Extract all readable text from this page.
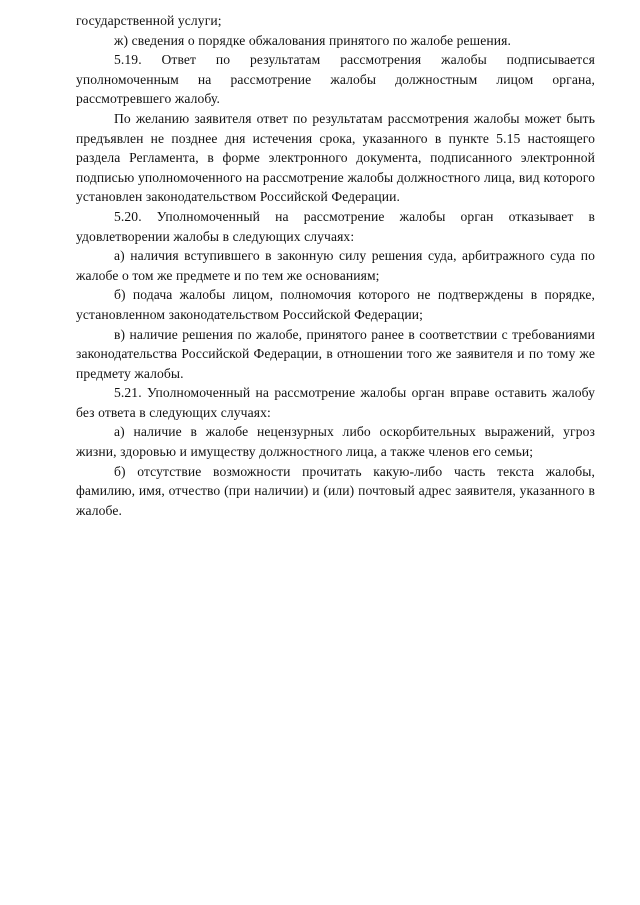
государственной услуги;

ж) сведения о порядке обжалования принятого по жалобе решения.

5.19. Ответ по результатам рассмотрения жалобы подписывается уполномоченным на рассмотрение жалобы должностным лицом органа, рассмотревшего жалобу.

По желанию заявителя ответ по результатам рассмотрения жалобы может быть предъявлен не позднее дня истечения срока, указанного в пункте 5.15 настоящего раздела Регламента, в форме электронного документа, подписанного электронной подписью уполномоченного на рассмотрение жалобы должностного лица, вид которого установлен законодательством Российской Федерации.

5.20. Уполномоченный на рассмотрение жалобы орган отказывает в удовлетворении жалобы в следующих случаях:

а) наличия вступившего в законную силу решения суда, арбитражного суда по жалобе о том же предмете и по тем же основаниям;

б) подача жалобы лицом, полномочия которого не подтверждены в порядке, установленном законодательством Российской Федерации;

в) наличие решения по жалобе, принятого ранее в соответствии с требованиями законодательства Российской Федерации, в отношении того же заявителя и по тому же предмету жалобы.

5.21. Уполномоченный на рассмотрение жалобы орган вправе оставить жалобу без ответа в следующих случаях:

а) наличие в жалобе нецензурных либо оскорбительных выражений, угроз жизни, здоровью и имуществу должностного лица, а также членов его семьи;

б) отсутствие возможности прочитать какую-либо часть текста жалобы, фамилию, имя, отчество (при наличии) и (или) почтовый адрес заявителя, указанного в жалобе.
